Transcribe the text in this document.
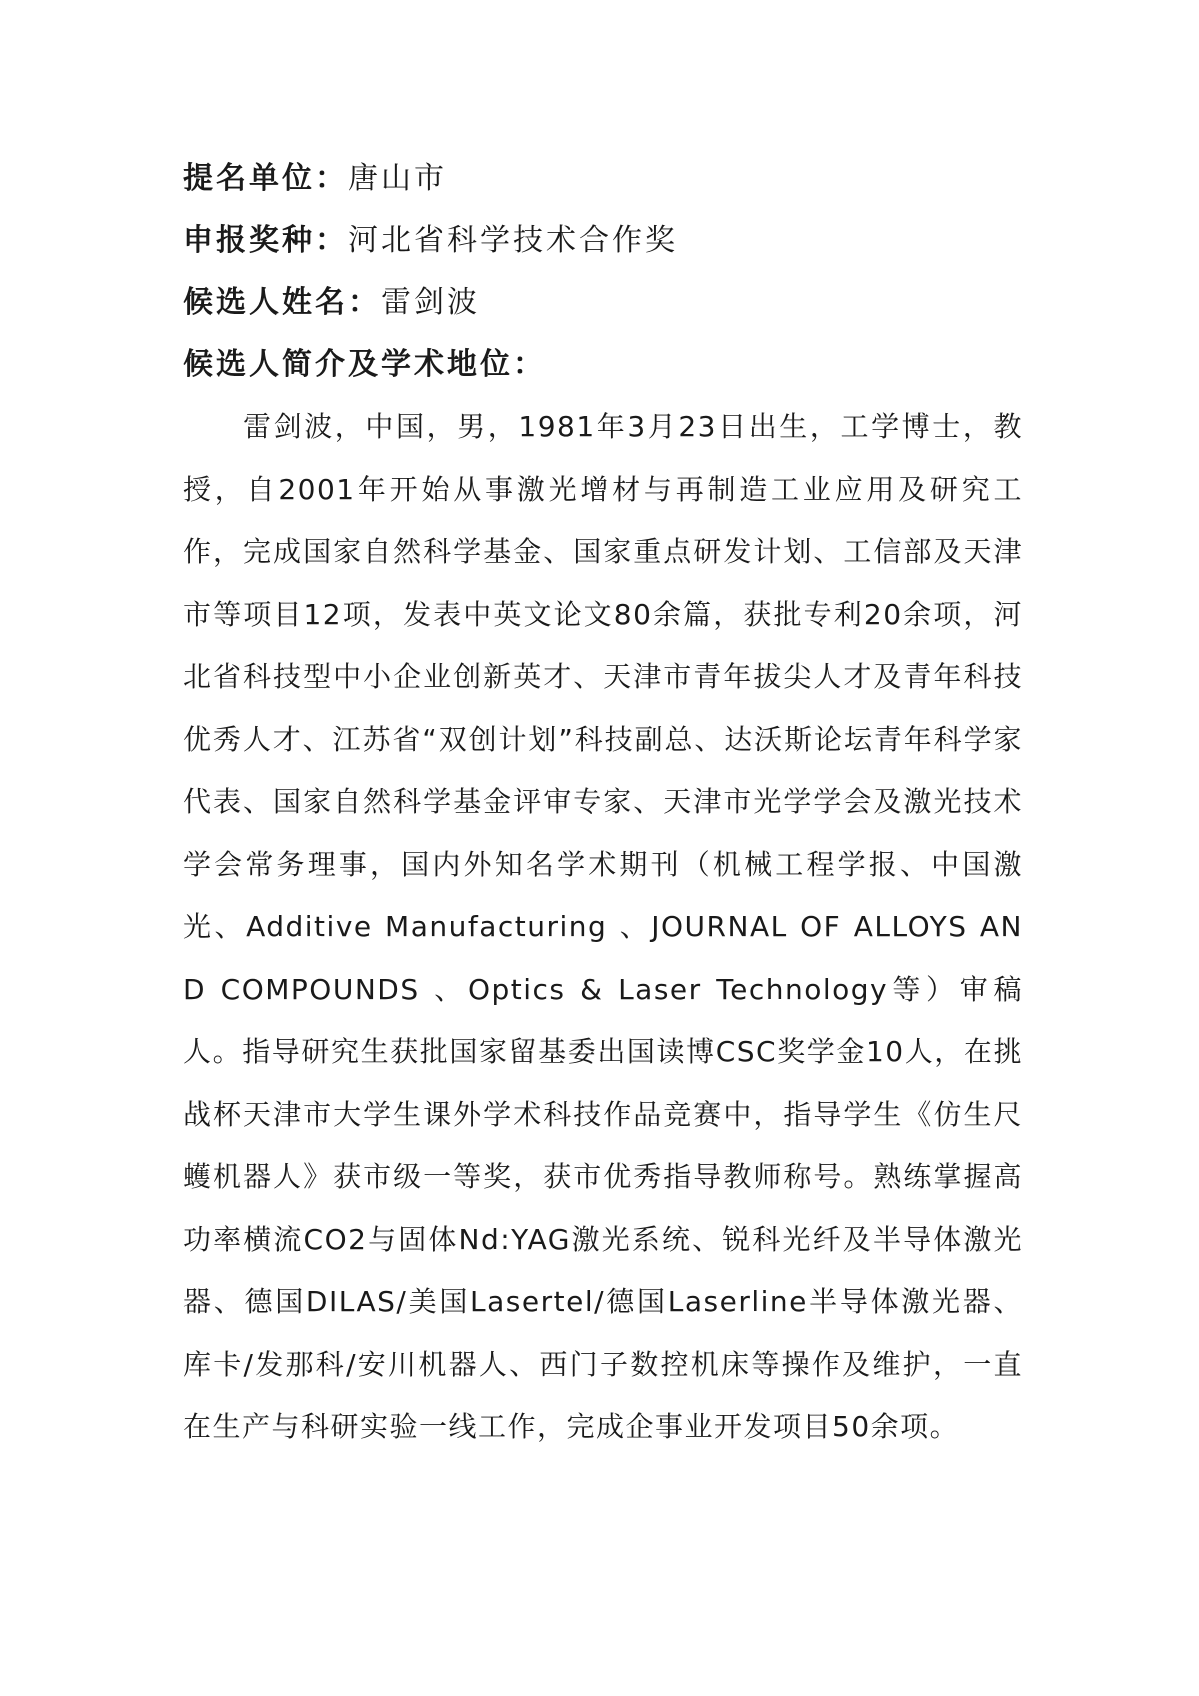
提名单位：唐山市
申报奖种：河北省科学技术合作奖
候选人姓名：雷剑波
候选人简介及学术地位：

雷剑波，中国，男，1981年3月23日出生，工学博士，教授，自2001年开始从事激光增材与再制造工业应用及研究工作，完成国家自然科学基金、国家重点研发计划、工信部及天津市等项目12项，发表中英文论文80余篇，获批专利20余项，河北省科技型中小企业创新英才、天津市青年拔尖人才及青年科技优秀人才、江苏省“双创计划”科技副总、达沃斯论坛青年科学家代表、国家自然科学基金评审专家、天津市光学学会及激光技术学会常务理事，国内外知名学术期刊（机械工程学报、中国激光、Additive Manufacturing 、JOURNAL OF ALLOYS AND COMPOUNDS 、Optics & Laser Technology等）审稿人。指导研究生获批国家留基委出国读博CSC奖学金10人，在挑战杯天津市大学生课外学术科技作品竞赛中，指导学生《仿生尺蠖机器人》获市级一等奖，获市优秀指导教师称号。熟练掌握高功率横流CO2与固体Nd:YAG激光系统、锐科光纤及半导体激光器、德国DILAS/美国Lasertel/德国Laserline半导体激光器、库卡/发那科/安川机器人、西门子数控机床等操作及维护，一直在生产与科研实验一线工作，完成企事业开发项目50余项。
